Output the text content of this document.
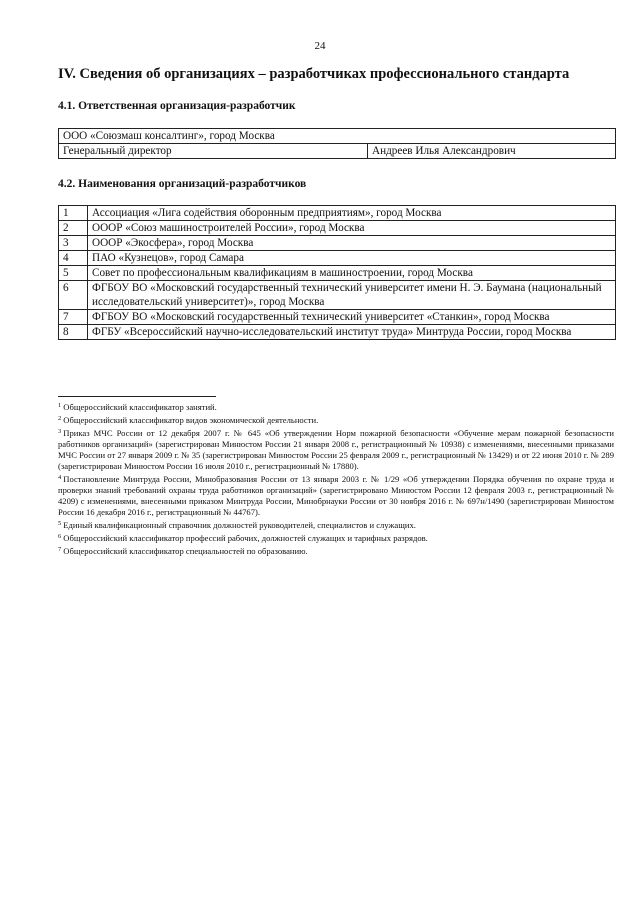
24
IV. Сведения об организациях – разработчиках профессионального стандарта
4.1. Ответственная организация-разработчик
ООО «Союзмаш консалтинг», город Москва
Генеральный директор	Андреев Илья Александрович
4.2. Наименования организаций-разработчиков
1	Ассоциация «Лига содействия оборонным предприятиям», город Москва
2	ОООР «Союз машиностроителей России», город Москва
3	ОООР «Экосфера», город Москва
4	ПАО «Кузнецов», город Самара
5	Совет по профессиональным квалификациям в машиностроении, город Москва
6	ФГБОУ ВО «Московский государственный технический университет имени Н. Э. Баумана (национальный исследовательский университет)», город Москва
7	ФГБОУ ВО «Московский государственный технический университет «Станкин», город Москва
8	ФГБУ «Всероссийский научно-исследовательский институт труда» Минтруда России, город Москва

$^1$ Общероссийский классификатор занятий.

$^2$ Общероссийский классификатор видов экономической деятельности.

$^3$ Приказ МЧС России от 12 декабря 2007 г. № 645 «Об утверждении Норм пожарной безопасности «Обучение мерам пожарной безопасности работников организаций» (зарегистрирован Минюстом России 21 января 2008 г., регистрационный № 10938) с изменениями, внесенными приказами МЧС России от 27 января 2009 г. № 35 (зарегистрирован Минюстом России 25 февраля 2009 г., регистрационный № 13429) и от 22 июня 2010 г. № 289 (зарегистрирован Минюстом России 16 июля 2010 г., регистрационный № 17880).

$^4$ Постановление Минтруда России, Минобразования России от 13 января 2003 г. № 1/29 «Об утверждении Порядка обучения по охране труда и проверки знаний требований охраны труда работников организаций» (зарегистрировано Минюстом России 12 февраля 2003 г., регистрационный № 4209) с изменениями, внесенными приказом Минтруда России, Минобрнауки России от 30 ноября 2016 г. № 697н/1490 (зарегистрирован Минюстом России 16 декабря 2016 г., регистрационный № 44767).

$^5$ Единый квалификационный справочник должностей руководителей, специалистов и служащих.

$^6$ Общероссийский классификатор профессий рабочих, должностей служащих и тарифных разрядов.

$^7$ Общероссийский классификатор специальностей по образованию.
